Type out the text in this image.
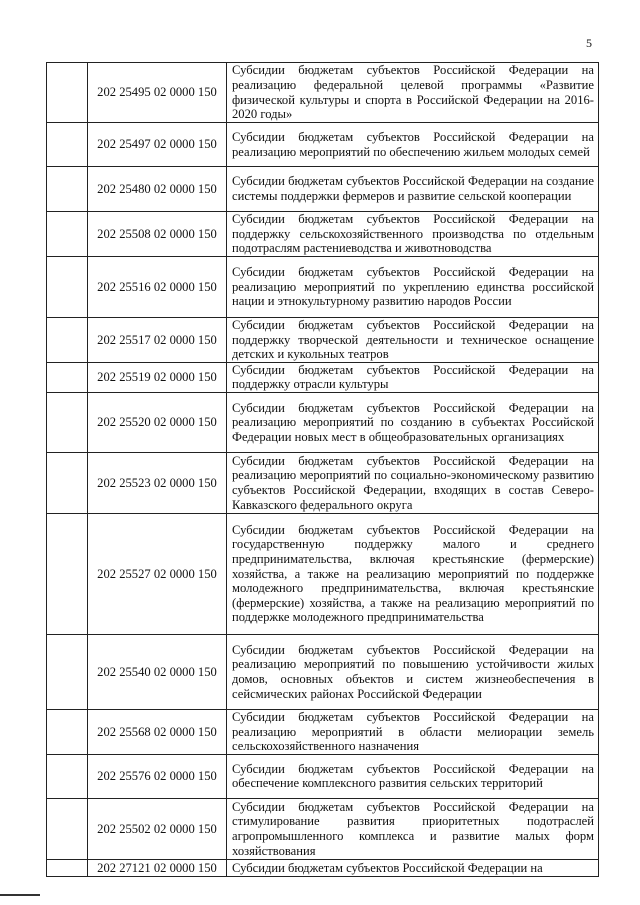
5
	202 25495 02 0000 150	Субсидии бюджетам субъектов Российской Федерации на реализацию федеральной целевой программы «Развитие физической культуры и спорта в Российской Федерации на 2016-2020 годы»
	202 25497 02 0000 150	Субсидии бюджетам субъектов Российской Федерации на реализацию мероприятий по обеспечению жильем молодых семей
	202 25480 02 0000 150	Субсидии бюджетам субъектов Российской Федерации на создание системы поддержки фермеров и развитие сельской кооперации
	202 25508 02 0000 150	Субсидии бюджетам субъектов Российской Федерации на поддержку сельскохозяйственного производства по отдельным подотраслям растениеводства и животноводства
	202 25516 02 0000 150	Субсидии бюджетам субъектов Российской Федерации на реализацию мероприятий по укреплению единства российской нации и этнокультурному развитию народов России
	202 25517 02 0000 150	Субсидии бюджетам субъектов Российской Федерации на поддержку творческой деятельности и техническое оснащение детских и кукольных театров
	202 25519 02 0000 150	Субсидии бюджетам субъектов Российской Федерации на поддержку отрасли культуры
	202 25520 02 0000 150	Субсидии бюджетам субъектов Российской Федерации на реализацию мероприятий по созданию в субъектах Российской Федерации новых мест в общеобразовательных организациях
	202 25523 02 0000 150	Субсидии бюджетам субъектов Российской Федерации на реализацию мероприятий по социально-экономическому развитию субъектов Российской Федерации, входящих в состав Северо-Кавказского федерального округа
	202 25527 02 0000 150	Субсидии бюджетам субъектов Российской Федерации на государственную поддержку малого и среднего предпринимательства, включая крестьянские (фермерские) хозяйства, а также на реализацию мероприятий по поддержке молодежного предпринимательства, включая крестьянские (фермерские) хозяйства, а также на реализацию мероприятий по поддержке молодежного предпринимательства
	202 25540 02 0000 150	Субсидии бюджетам субъектов Российской Федерации на реализацию мероприятий по повышению устойчивости жилых домов, основных объектов и систем жизнеобеспечения в сейсмических районах Российской Федерации
	202 25568 02 0000 150	Субсидии бюджетам субъектов Российской Федерации на реализацию мероприятий в области мелиорации земель сельскохозяйственного назначения
	202 25576 02 0000 150	Субсидии бюджетам субъектов Российской Федерации на обеспечение комплексного развития сельских территорий
	202 25502 02 0000 150	Субсидии бюджетам субъектов Российской Федерации на стимулирование развития приоритетных подотраслей агропромышленного комплекса и развитие малых форм хозяйствования
	202 27121 02 0000 150	Субсидии бюджетам субъектов Российской Федерации на
